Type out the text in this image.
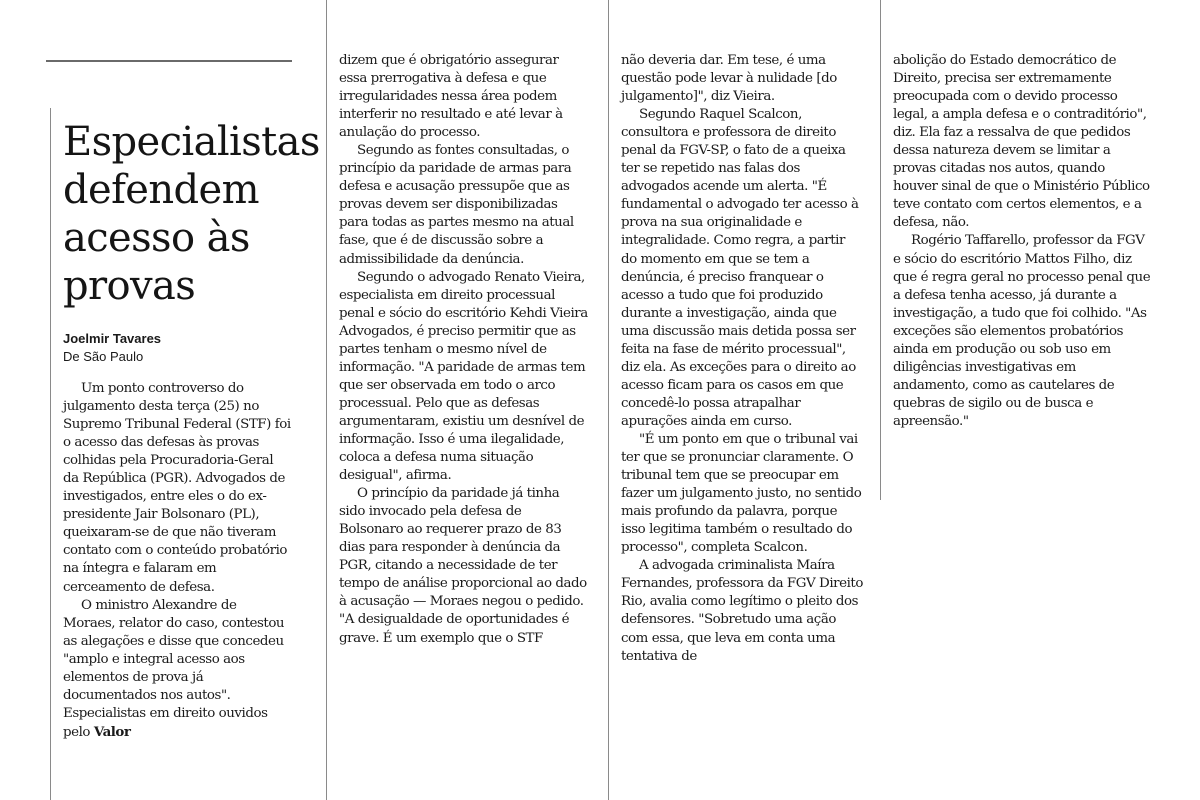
Especialistas defendem acesso às provas

Joelmir Tavares

De São Paulo

Um ponto controverso do julgamento desta terça (25) no Supremo Tribunal Federal (STF) foi o acesso das defesas às provas colhidas pela Procuradoria-Geral da República (PGR). Advogados de investigados, entre eles o do ex-presidente Jair Bolsonaro (PL), queixaram-se de que não tiveram contato com o conteúdo probatório na íntegra e falaram em cerceamento de defesa.

O ministro Alexandre de Moraes, relator do caso, contestou as alegações e disse que concedeu "amplo e integral acesso aos elementos de prova já documentados nos autos". Especialistas em direito ouvidos pelo Valor

dizem que é obrigatório assegurar essa prerrogativa à defesa e que irregularidades nessa área podem interferir no resultado e até levar à anulação do processo.

Segundo as fontes consultadas, o princípio da paridade de armas para defesa e acusação pressupõe que as provas devem ser disponibilizadas para todas as partes mesmo na atual fase, que é de discussão sobre a admissibilidade da denúncia.

Segundo o advogado Renato Vieira, especialista em direito processual penal e sócio do escritório Kehdi Vieira Advogados, é preciso permitir que as partes tenham o mesmo nível de informação. "A paridade de armas tem que ser observada em todo o arco processual. Pelo que as defesas argumentaram, existiu um desnível de informação. Isso é uma ilegalidade, coloca a defesa numa situação desigual", afirma.

O princípio da paridade já tinha sido invocado pela defesa de Bolsonaro ao requerer prazo de 83 dias para responder à denúncia da PGR, citando a necessidade de ter tempo de análise proporcional ao dado à acusação — Moraes negou o pedido. "A desigualdade de oportunidades é grave. É um exemplo que o STF

não deveria dar. Em tese, é uma questão pode levar à nulidade [do julgamento]", diz Vieira.

Segundo Raquel Scalcon, consultora e professora de direito penal da FGV-SP, o fato de a queixa ter se repetido nas falas dos advogados acende um alerta. "É fundamental o advogado ter acesso à prova na sua originalidade e integralidade. Como regra, a partir do momento em que se tem a denúncia, é preciso franquear o acesso a tudo que foi produzido durante a investigação, ainda que uma discussão mais detida possa ser feita na fase de mérito processual", diz ela. As exceções para o direito ao acesso ficam para os casos em que concedê-lo possa atrapalhar apurações ainda em curso.

"É um ponto em que o tribunal vai ter que se pronunciar claramente. O tribunal tem que se preocupar em fazer um julgamento justo, no sentido mais profundo da palavra, porque isso legitima também o resultado do processo", completa Scalcon.

A advogada criminalista Maíra Fernandes, professora da FGV Direito Rio, avalia como legítimo o pleito dos defensores. "Sobretudo uma ação com essa, que leva em conta uma tentativa de

abolição do Estado democrático de Direito, precisa ser extremamente preocupada com o devido processo legal, a ampla defesa e o contraditório", diz. Ela faz a ressalva de que pedidos dessa natureza devem se limitar a provas citadas nos autos, quando houver sinal de que o Ministério Público teve contato com certos elementos, e a defesa, não.

Rogério Taffarello, professor da FGV e sócio do escritório Mattos Filho, diz que é regra geral no processo penal que a defesa tenha acesso, já durante a investigação, a tudo que foi colhido. "As exceções são elementos probatórios ainda em produção ou sob uso em diligências investigativas em andamento, como as cautelares de quebras de sigilo ou de busca e apreensão."
